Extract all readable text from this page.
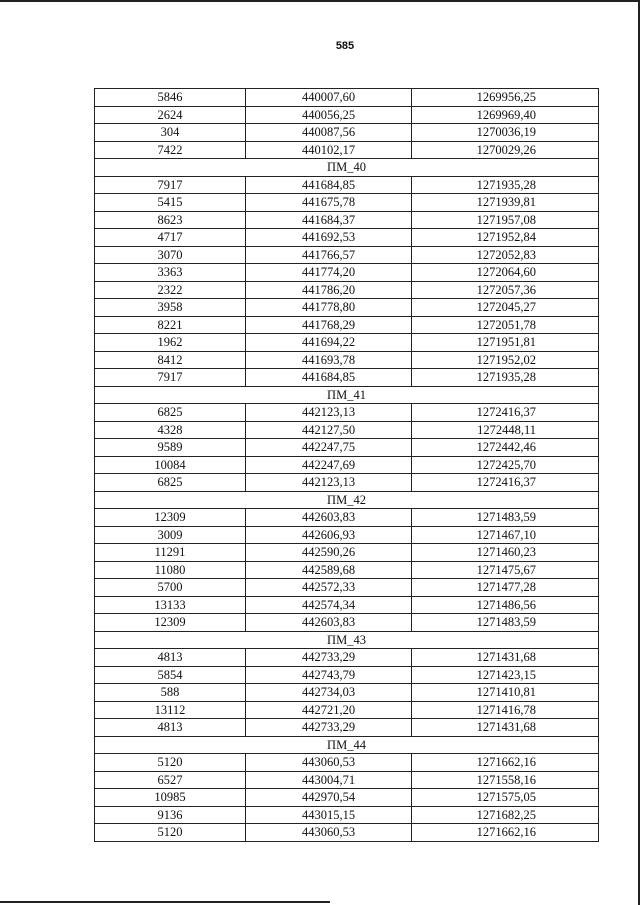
585
5846	440007,60	1269956,25
2624	440056,25	1269969,40
304	440087,56	1270036,19
7422	440102,17	1270029,26
ПМ_40		
7917	441684,85	1271935,28
5415	441675,78	1271939,81
8623	441684,37	1271957,08
4717	441692,53	1271952,84
3070	441766,57	1272052,83
3363	441774,20	1272064,60
2322	441786,20	1272057,36
3958	441778,80	1272045,27
8221	441768,29	1272051,78
1962	441694,22	1271951,81
8412	441693,78	1271952,02
7917	441684,85	1271935,28
ПМ_41		
6825	442123,13	1272416,37
4328	442127,50	1272448,11
9589	442247,75	1272442,46
10084	442247,69	1272425,70
6825	442123,13	1272416,37
ПМ_42		
12309	442603,83	1271483,59
3009	442606,93	1271467,10
11291	442590,26	1271460,23
11080	442589,68	1271475,67
5700	442572,33	1271477,28
13133	442574,34	1271486,56
12309	442603,83	1271483,59
ПМ_43		
4813	442733,29	1271431,68
5854	442743,79	1271423,15
588	442734,03	1271410,81
13112	442721,20	1271416,78
4813	442733,29	1271431,68
ПМ_44		
5120	443060,53	1271662,16
6527	443004,71	1271558,16
10985	442970,54	1271575,05
9136	443015,15	1271682,25
5120	443060,53	1271662,16
